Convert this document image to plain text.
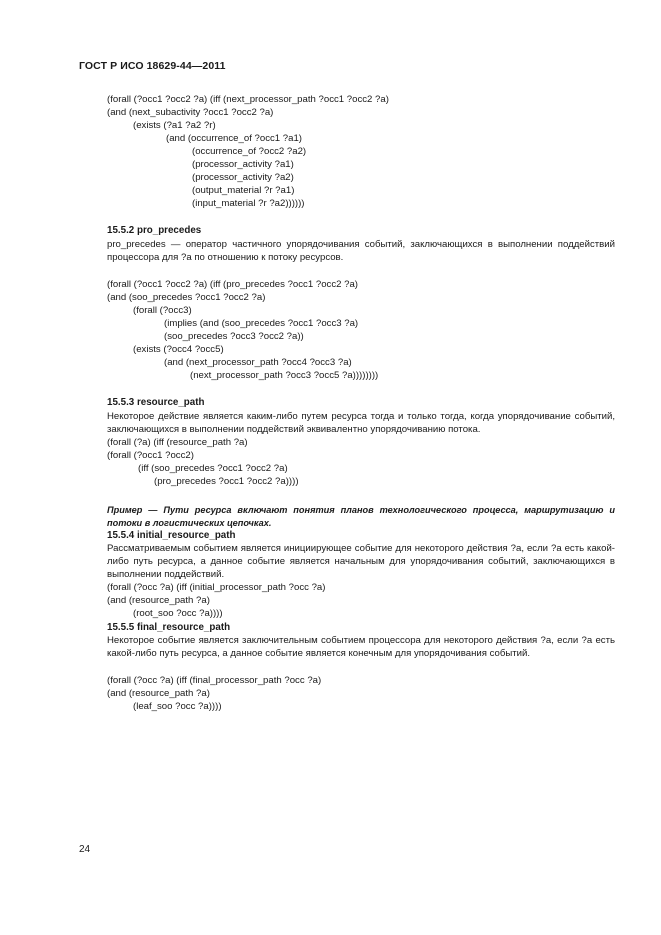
ГОСТ Р ИСО 18629-44—2011
(forall (?occ1 ?occ2 ?a) (iff (next_processor_path ?occ1 ?occ2 ?a)
(and (next_subactivity ?occ1 ?occ2 ?a)
(exists (?a1 ?a2 ?r)
(and (occurrence_of ?occ1 ?a1)
(occurrence_of ?occ2 ?a2)
(processor_activity ?a1)
(processor_activity ?a2)
(output_material ?r ?a1)
(input_material ?r ?a2))))))
15.5.2 pro_precedes
pro_precedes — оператор частичного упорядочивания событий, заключающихся в выполнении поддействий процессора для ?a по отношению к потоку ресурсов.
(forall (?occ1 ?occ2 ?a) (iff (pro_precedes ?occ1 ?occ2 ?a)
(and (soo_precedes ?occ1 ?occ2 ?a)
(forall (?occ3)
(implies (and (soo_precedes ?occ1 ?occ3 ?a)
(soo_precedes ?occ3 ?occ2 ?a))
(exists (?occ4 ?occ5)
(and (next_processor_path ?occ4 ?occ3 ?a)
(next_processor_path ?occ3 ?occ5 ?a))))))))
15.5.3 resource_path
Некоторое действие является каким-либо путем ресурса тогда и только тогда, когда упорядочивание событий, заключающихся в выполнении поддействий эквивалентно упорядочиванию потока.
(forall (?a) (iff (resource_path ?a)
(forall (?occ1 ?occ2)
(iff (soo_precedes ?occ1 ?occ2 ?a)
(pro_precedes ?occ1 ?occ2 ?a))))
Пример — Пути ресурса включают понятия планов технологического процесса, маршрутизацию и потоки в логистических цепочках.
15.5.4 initial_resource_path
Рассматриваемым событием является инициирующее событие для некоторого действия ?a, если ?a есть какой-либо путь ресурса, а данное событие является начальным для упорядочивания событий, заключающихся в выполнении поддействий.
(forall (?occ ?a) (iff (initial_processor_path ?occ ?a)
(and (resource_path ?a)
(root_soo ?occ ?a))))
15.5.5 final_resource_path
Некоторое событие является заключительным событием процессора для некоторого действия ?a, если ?a есть какой-либо путь ресурса, а данное событие является конечным для упорядочивания событий.
(forall (?occ ?a) (iff (final_processor_path ?occ ?a)
(and (resource_path ?a)
(leaf_soo ?occ ?a))))
24
